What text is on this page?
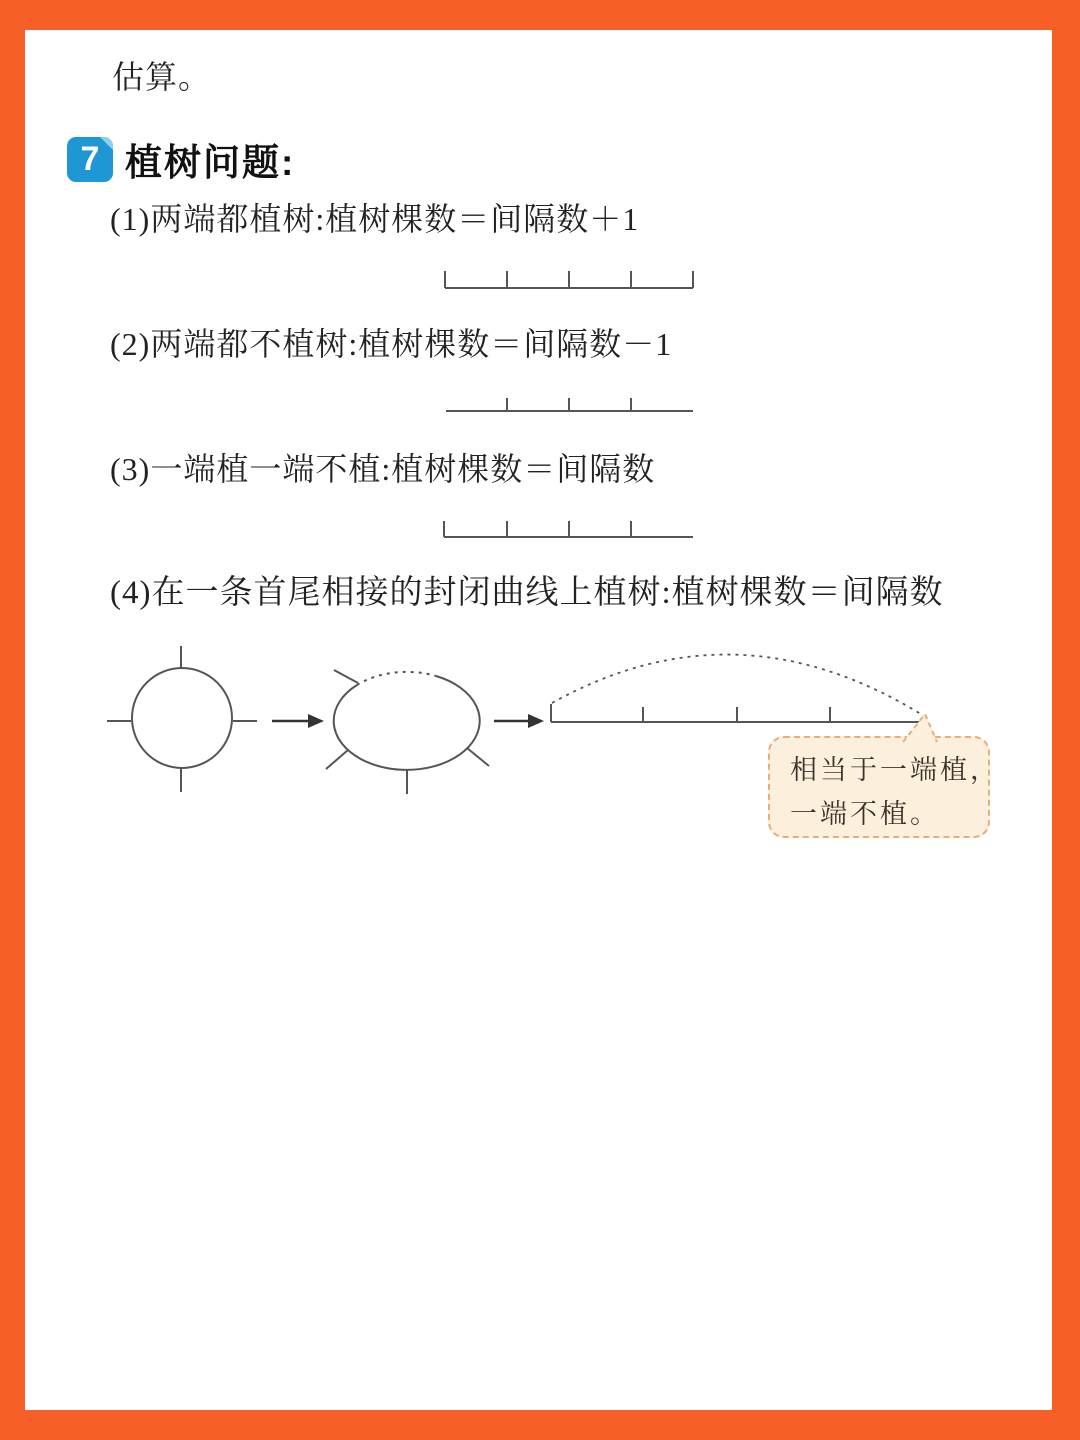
估算。
7 植树问题:
(1)两端都植树:植树棵数＝间隔数＋1
(2)两端都不植树:植树棵数＝间隔数－1
(3)一端植一端不植:植树棵数＝间隔数
(4)在一条首尾相接的封闭曲线上植树:植树棵数＝间隔数
相当于一端植，
一端不植。
